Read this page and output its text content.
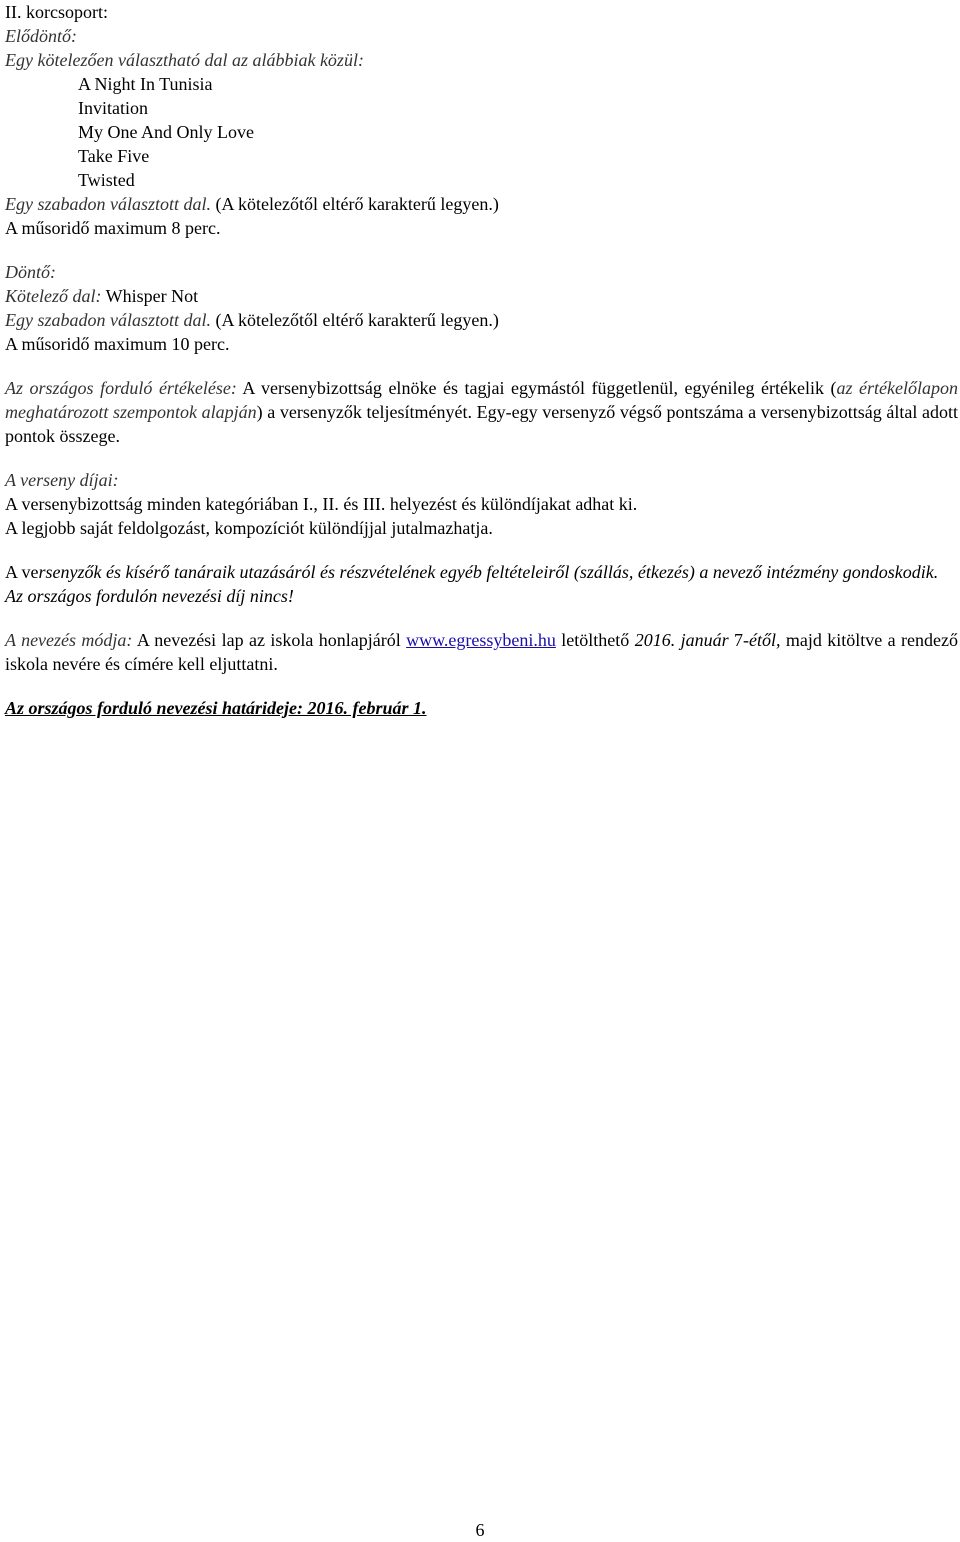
II. korcsoport:
Elődöntő:
Egy kötelezően választható dal az alábbiak közül:
A Night In Tunisia
Invitation
My One And Only Love
Take Five
Twisted
Egy szabadon választott dal. (A kötelezőtől eltérő karakterű legyen.)
A műsoridő maximum 8 perc.
Döntő:
Kötelező dal: Whisper Not
Egy szabadon választott dal. (A kötelezőtől eltérő karakterű legyen.)
A műsoridő maximum 10 perc.
Az országos forduló értékelése: A versenybizottság elnöke és tagjai egymástól függetlenül, egyénileg értékelik (az értékelőlapon meghatározott szempontok alapján) a versenyzők teljesítményét. Egy-egy versenyző végső pontszáma a versenybizottság által adott pontok összege.
A verseny díjai:
A versenybizottság minden kategóriában I., II. és III. helyezést és különdíjakat adhat ki.
A legjobb saját feldolgozást, kompozíciót különdíjjal jutalmazhatja.
A versenyzők és kísérő tanáraik utazásáról és részvételének egyéb feltételeiről (szállás, étkezés) a nevező intézmény gondoskodik.
Az országos fordulón nevezési díj nincs!
A nevezés módja: A nevezési lap az iskola honlapjáról www.egressybeni.hu letölthető 2016. január 7-étől, majd kitöltve a rendező iskola nevére és címére kell eljuttatni.
Az országos forduló nevezési határideje: 2016. február 1.
6
